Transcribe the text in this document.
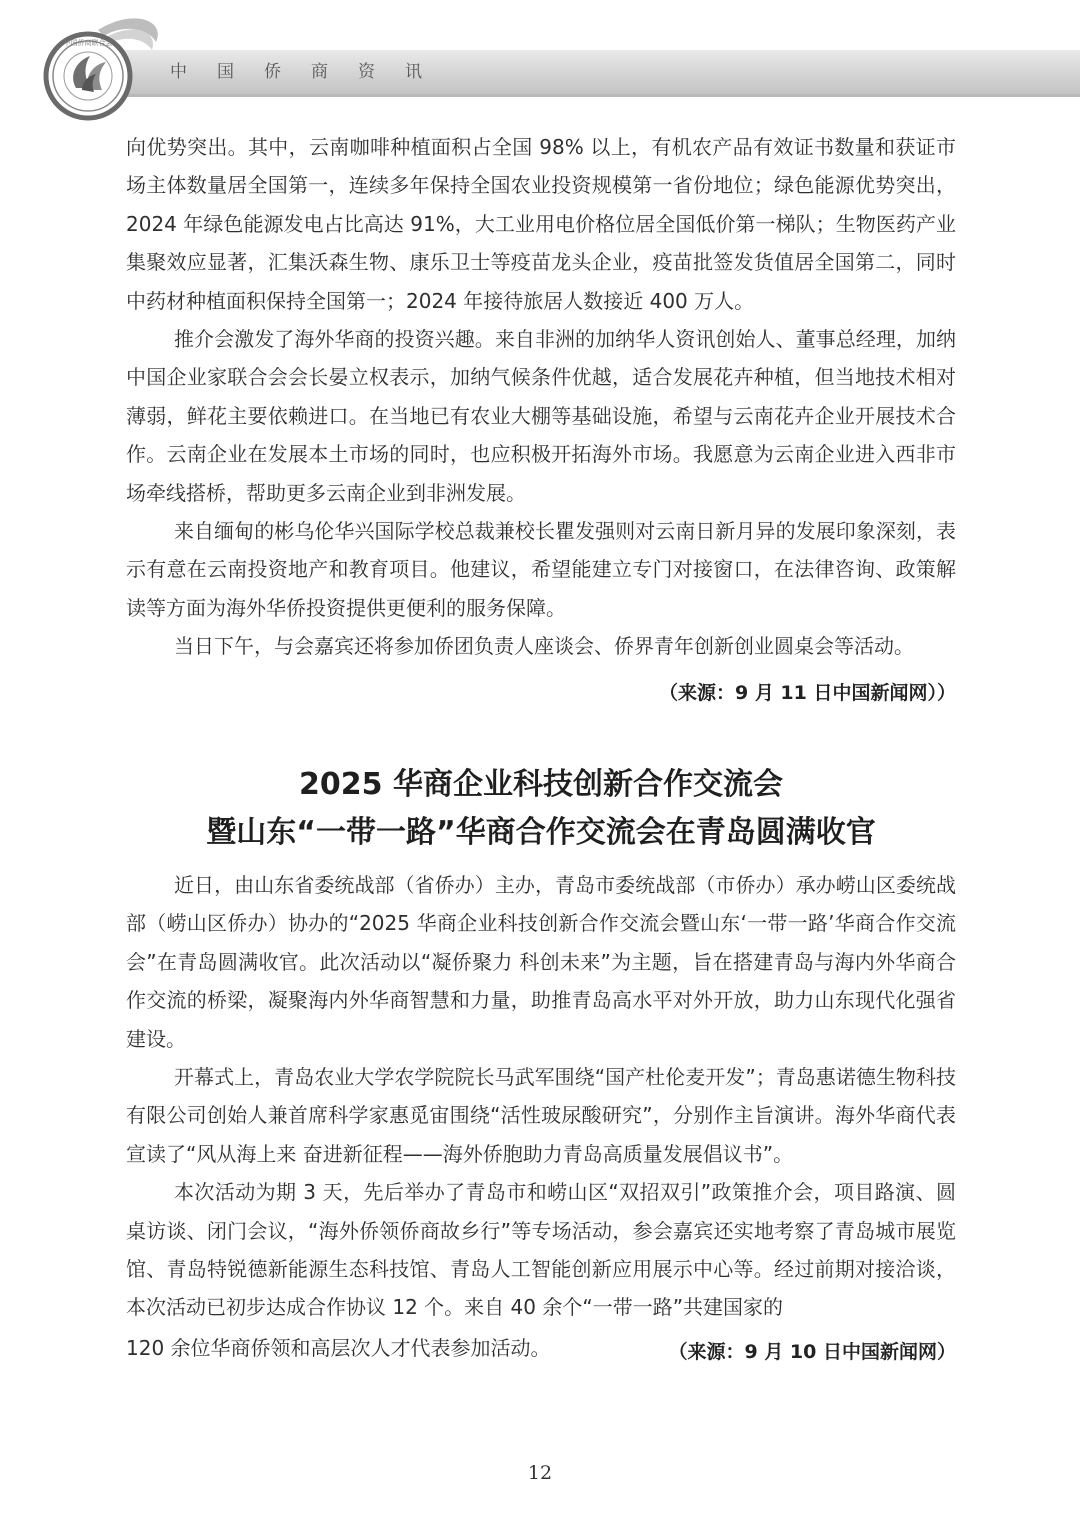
中国侨商资讯
中国侨商联合会

向优势突出。其中，云南咖啡种植面积占全国 98% 以上，有机农产品有效证书数量和获证市场主体数量居全国第一，连续多年保持全国农业投资规模第一省份地位；绿色能源优势突出，2024 年绿色能源发电占比高达 91%，大工业用电价格位居全国低价第一梯队；生物医药产业集聚效应显著，汇集沃森生物、康乐卫士等疫苗龙头企业，疫苗批签发货值居全国第二，同时中药材种植面积保持全国第一；2024 年接待旅居人数接近 400 万人。

推介会激发了海外华商的投资兴趣。来自非洲的加纳华人资讯创始人、董事总经理，加纳中国企业家联合会会长晏立权表示，加纳气候条件优越，适合发展花卉种植，但当地技术相对薄弱，鲜花主要依赖进口。在当地已有农业大棚等基础设施，希望与云南花卉企业开展技术合作。云南企业在发展本土市场的同时，也应积极开拓海外市场。我愿意为云南企业进入西非市场牵线搭桥，帮助更多云南企业到非洲发展。

来自缅甸的彬乌伦华兴国际学校总裁兼校长瞿发强则对云南日新月异的发展印象深刻，表示有意在云南投资地产和教育项目。他建议，希望能建立专门对接窗口，在法律咨询、政策解读等方面为海外华侨投资提供更便利的服务保障。

当日下午，与会嘉宾还将参加侨团负责人座谈会、侨界青年创新创业圆桌会等活动。

（来源：9 月 11 日中国新闻网））
2025 华商企业科技创新合作交流会
暨山东“一带一路”华商合作交流会在青岛圆满收官

近日，由山东省委统战部（省侨办）主办，青岛市委统战部（市侨办）承办崂山区委统战部（崂山区侨办）协办的“2025 华商企业科技创新合作交流会暨山东‘一带一路’华商合作交流会”在青岛圆满收官。此次活动以“凝侨聚力 科创未来”为主题，旨在搭建青岛与海内外华商合作交流的桥梁，凝聚海内外华商智慧和力量，助推青岛高水平对外开放，助力山东现代化强省建设。

开幕式上，青岛农业大学农学院院长马武军围绕“国产杜伦麦开发”；青岛惠诺德生物科技有限公司创始人兼首席科学家惠觅宙围绕“活性玻尿酸研究”，分别作主旨演讲。海外华商代表宣读了“风从海上来 奋进新征程——海外侨胞助力青岛高质量发展倡议书”。

本次活动为期 3 天，先后举办了青岛市和崂山区“双招双引”政策推介会，项目路演、圆桌访谈、闭门会议，“海外侨领侨商故乡行”等专场活动，参会嘉宾还实地考察了青岛城市展览馆、青岛特锐德新能源生态科技馆、青岛人工智能创新应用展示中心等。经过前期对接洽谈，本次活动已初步达成合作协议 12 个。来自 40 余个“一带一路”共建国家的

120 余位华商侨领和高层次人才代表参加活动。	（来源：9 月 10 日中国新闻网）
12
